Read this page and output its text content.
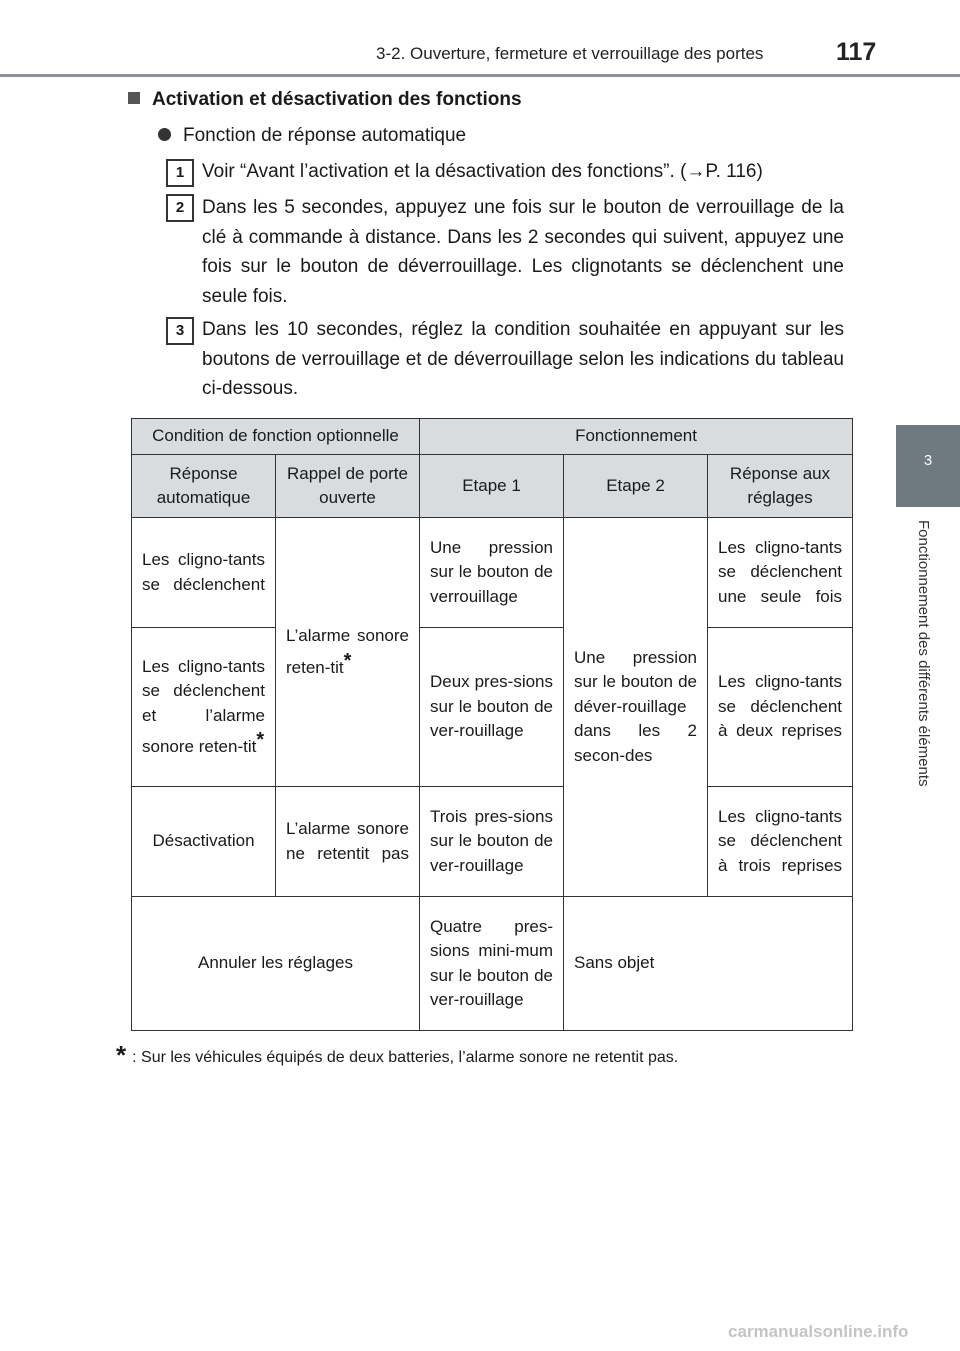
3-2. Ouverture, fermeture et verrouillage des portes	117
3
Fonctionnement des différents éléments
Activation et désactivation des fonctions
Fonction de réponse automatique
1 Voir “Avant l’activation et la désactivation des fonctions”. (→P. 116)
2 Dans les 5 secondes, appuyez une fois sur le bouton de verrouillage de la clé à commande à distance. Dans les 2 secondes qui suivent, appuyez une fois sur le bouton de déverrouillage. Les clignotants se déclenchent une seule fois.
3 Dans les 10 secondes, réglez la condition souhaitée en appuyant sur les boutons de verrouillage et de déverrouillage selon les indications du tableau ci-dessous.
Condition de fonction optionnelle		Fonctionnement		
Réponse automatique	Rappel de porte ouverte	Etape 1	Etape 2	Réponse aux réglages
Les cligno-tants se déclenchent	L’alarme sonore reten-tit*	Une pression sur le bouton de verrouillage	Une pression sur le bouton de déver-rouillage dans les 2 secon-des	Les cligno-tants se déclenchent une seule fois
Les cligno-tants se déclenchent et l’alarme sonore reten-tit*		Deux pres-sions sur le bouton de ver-rouillage		Les cligno-tants se déclenchent à deux reprises
Désactivation	L’alarme sonore ne retentit pas	Trois pres-sions sur le bouton de ver-rouillage		Les cligno-tants se déclenchent à trois reprises
Annuler les réglages		Quatre pres-sions mini-mum sur le bouton de ver-rouillage	Sans objet	
* : Sur les véhicules équipés de deux batteries, l’alarme sonore ne retentit pas.
carmanualsonline.info
